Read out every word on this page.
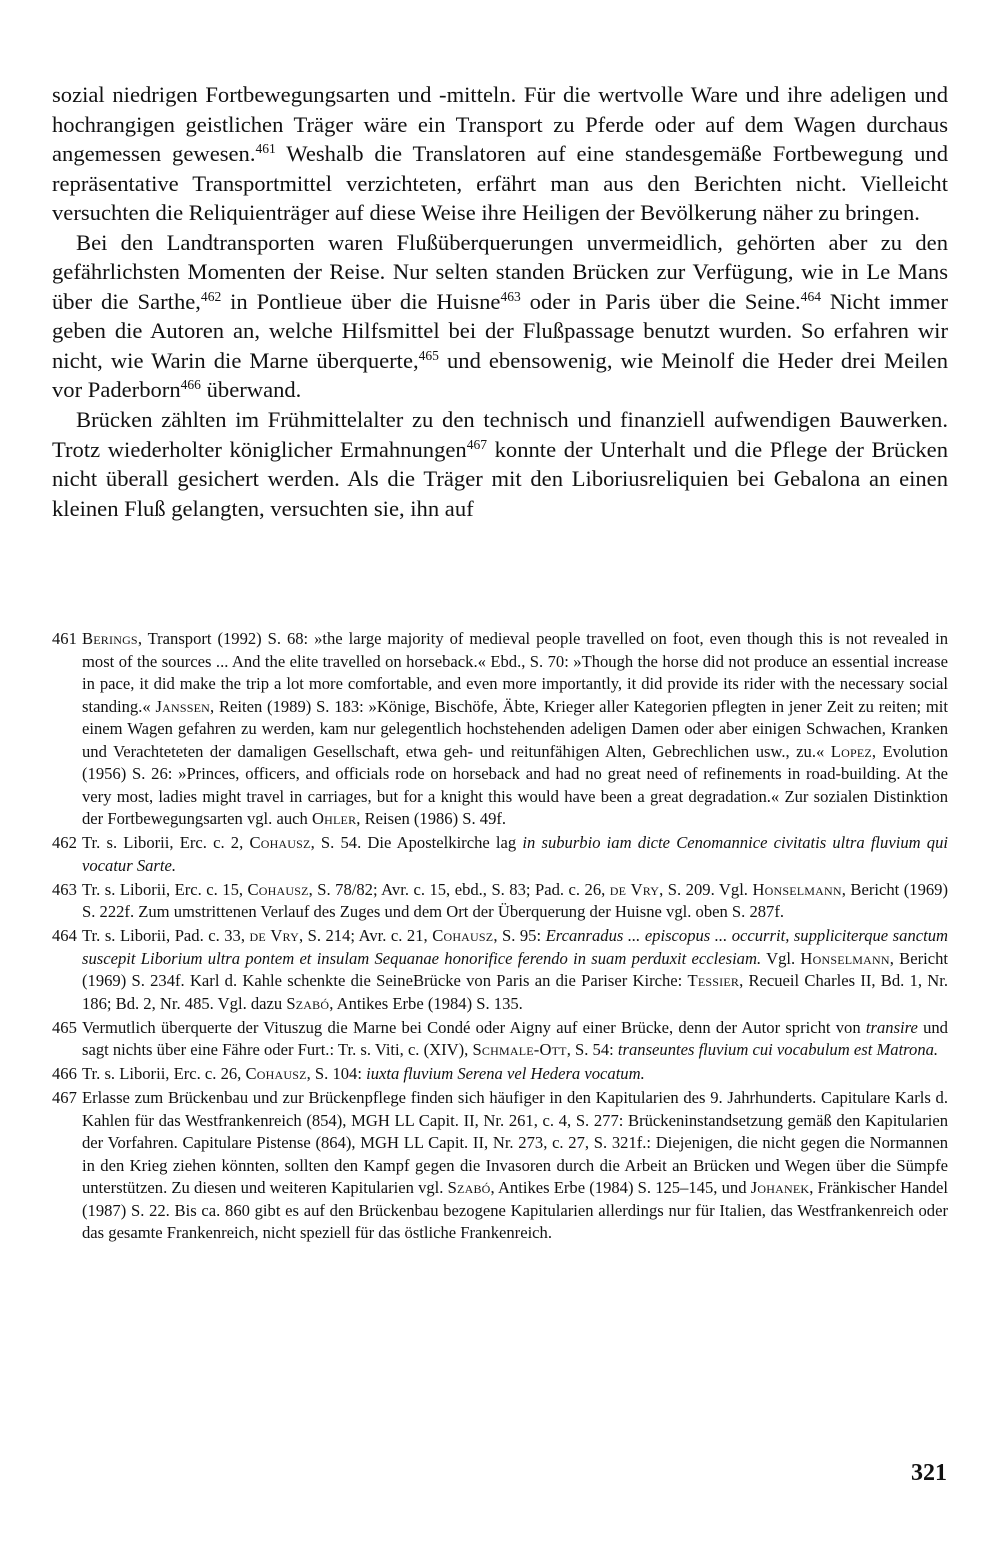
sozial niedrigen Fortbewegungsarten und -mitteln. Für die wertvolle Ware und ihre adeligen und hochrangigen geistlichen Träger wäre ein Transport zu Pferde oder auf dem Wagen durchaus angemessen gewesen.$^{461}$ Weshalb die Translatoren auf eine standesgemäße Fortbewegung und repräsentative Transportmittel verzichteten, erfährt man aus den Berichten nicht. Vielleicht versuchten die Reliquienträger auf diese Weise ihre Heiligen der Bevölkerung näher zu bringen.

Bei den Landtransporten waren Flußüberquerungen unvermeidlich, gehörten aber zu den gefährlichsten Momenten der Reise. Nur selten standen Brücken zur Verfügung, wie in Le Mans über die Sarthe,$^{462}$ in Pontlieue über die Huisne$^{463}$ oder in Paris über die Seine.$^{464}$ Nicht immer geben die Autoren an, welche Hilfsmittel bei der Flußpassage benutzt wurden. So erfahren wir nicht, wie Warin die Marne überquerte,$^{465}$ und ebensowenig, wie Meinolf die Heder drei Meilen vor Paderborn$^{466}$ überwand.

Brücken zählten im Frühmittelalter zu den technisch und finanziell aufwendigen Bauwerken. Trotz wiederholter königlicher Ermahnungen$^{467}$ konnte der Unterhalt und die Pflege der Brücken nicht überall gesichert werden. Als die Träger mit den Liboriusreliquien bei Gebalona an einen kleinen Fluß gelangten, versuchten sie, ihn auf

461 Berings, Transport (1992) S. 68: »the large majority of medieval people travelled on foot, even though this is not revealed in most of the sources ... And the elite travelled on horseback.« Ebd., S. 70: »Though the horse did not produce an essential increase in pace, it did make the trip a lot more comfortable, and even more importantly, it did provide its rider with the necessary social standing.« Janssen, Reiten (1989) S. 183: »Könige, Bischöfe, Äbte, Krieger aller Kategorien pflegten in jener Zeit zu reiten; mit einem Wagen gefahren zu werden, kam nur gelegentlich hochstehenden adeligen Damen oder aber einigen Schwachen, Kranken und Verachteteten der damaligen Gesellschaft, etwa geh- und reitunfähigen Alten, Gebrechlichen usw., zu.« Lopez, Evolution (1956) S. 26: »Princes, officers, and officials rode on horseback and had no great need of refinements in road-building. At the very most, ladies might travel in carriages, but for a knight this would have been a great degradation.« Zur sozialen Distinktion der Fortbewegungsarten vgl. auch Ohler, Reisen (1986) S. 49f.
462 Tr. s. Liborii, Erc. c. 2, Cohausz, S. 54. Die Apostelkirche lag in suburbio iam dicte Cenomannice civitatis ultra fluvium qui vocatur Sarte.
463 Tr. s. Liborii, Erc. c. 15, Cohausz, S. 78/82; Avr. c. 15, ebd., S. 83; Pad. c. 26, de Vry, S. 209. Vgl. Honselmann, Bericht (1969) S. 222f. Zum umstrittenen Verlauf des Zuges und dem Ort der Überquerung der Huisne vgl. oben S. 287f.
464 Tr. s. Liborii, Pad. c. 33, de Vry, S. 214; Avr. c. 21, Cohausz, S. 95: Ercanradus ... episcopus ... occurrit, suppliciterque sanctum suscepit Liborium ultra pontem et insulam Sequanae honorifice ferendo in suam perduxit ecclesiam. Vgl. Honselmann, Bericht (1969) S. 234f. Karl d. Kahle schenkte die SeineBrücke von Paris an die Pariser Kirche: Tessier, Recueil Charles II, Bd. 1, Nr. 186; Bd. 2, Nr. 485. Vgl. dazu Szabó, Antikes Erbe (1984) S. 135.
465 Vermutlich überquerte der Vituszug die Marne bei Condé oder Aigny auf einer Brücke, denn der Autor spricht von transire und sagt nichts über eine Fähre oder Furt.: Tr. s. Viti, c. (XIV), Schmale-Ott, S. 54: transeuntes fluvium cui vocabulum est Matrona.
466 Tr. s. Liborii, Erc. c. 26, Cohausz, S. 104: iuxta fluvium Serena vel Hedera vocatum.
467 Erlasse zum Brückenbau und zur Brückenpflege finden sich häufiger in den Kapitularien des 9. Jahrhunderts. Capitulare Karls d. Kahlen für das Westfrankenreich (854), MGH LL Capit. II, Nr. 261, c. 4, S. 277: Brückeninstandsetzung gemäß den Kapitularien der Vorfahren. Capitulare Pistense (864), MGH LL Capit. II, Nr. 273, c. 27, S. 321f.: Diejenigen, die nicht gegen die Normannen in den Krieg ziehen könnten, sollten den Kampf gegen die Invasoren durch die Arbeit an Brücken und Wegen über die Sümpfe unterstützen. Zu diesen und weiteren Kapitularien vgl. Szabó, Antikes Erbe (1984) S. 125–145, und Johanek, Fränkischer Handel (1987) S. 22. Bis ca. 860 gibt es auf den Brückenbau bezogene Kapitularien allerdings nur für Italien, das Westfrankenreich oder das gesamte Frankenreich, nicht speziell für das östliche Frankenreich.
321
